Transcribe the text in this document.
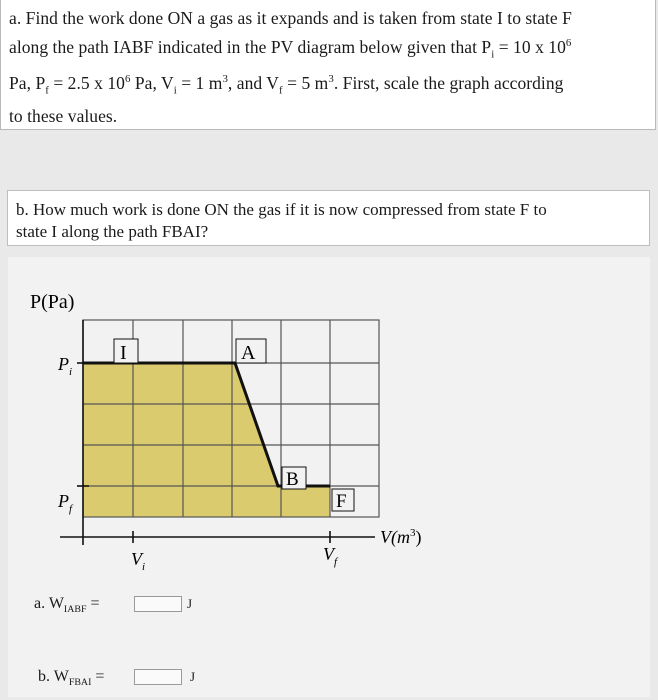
a. Find the work done ON a gas as it expands and is taken from state I to state F
along the path IABF indicated in the PV diagram below given that $P_i = 10$ x $10^6$
Pa, $P_f = 2.5$ x $10^6$ Pa, $V_i = 1$ $m^3$, and $V_f = 5$ $m^3$. First, scale the graph according
to these values.
b. How much work is done ON the gas if it is now compressed from state F to
state I along the path FBAI?
P(Pa)
$P_i$
$P_f$
$V_i$
$V_f$
$V(m^3)$
I	A
B
F
a. $W_{IABF}$ =	J
b. $W_{FBAI}$ =	J
